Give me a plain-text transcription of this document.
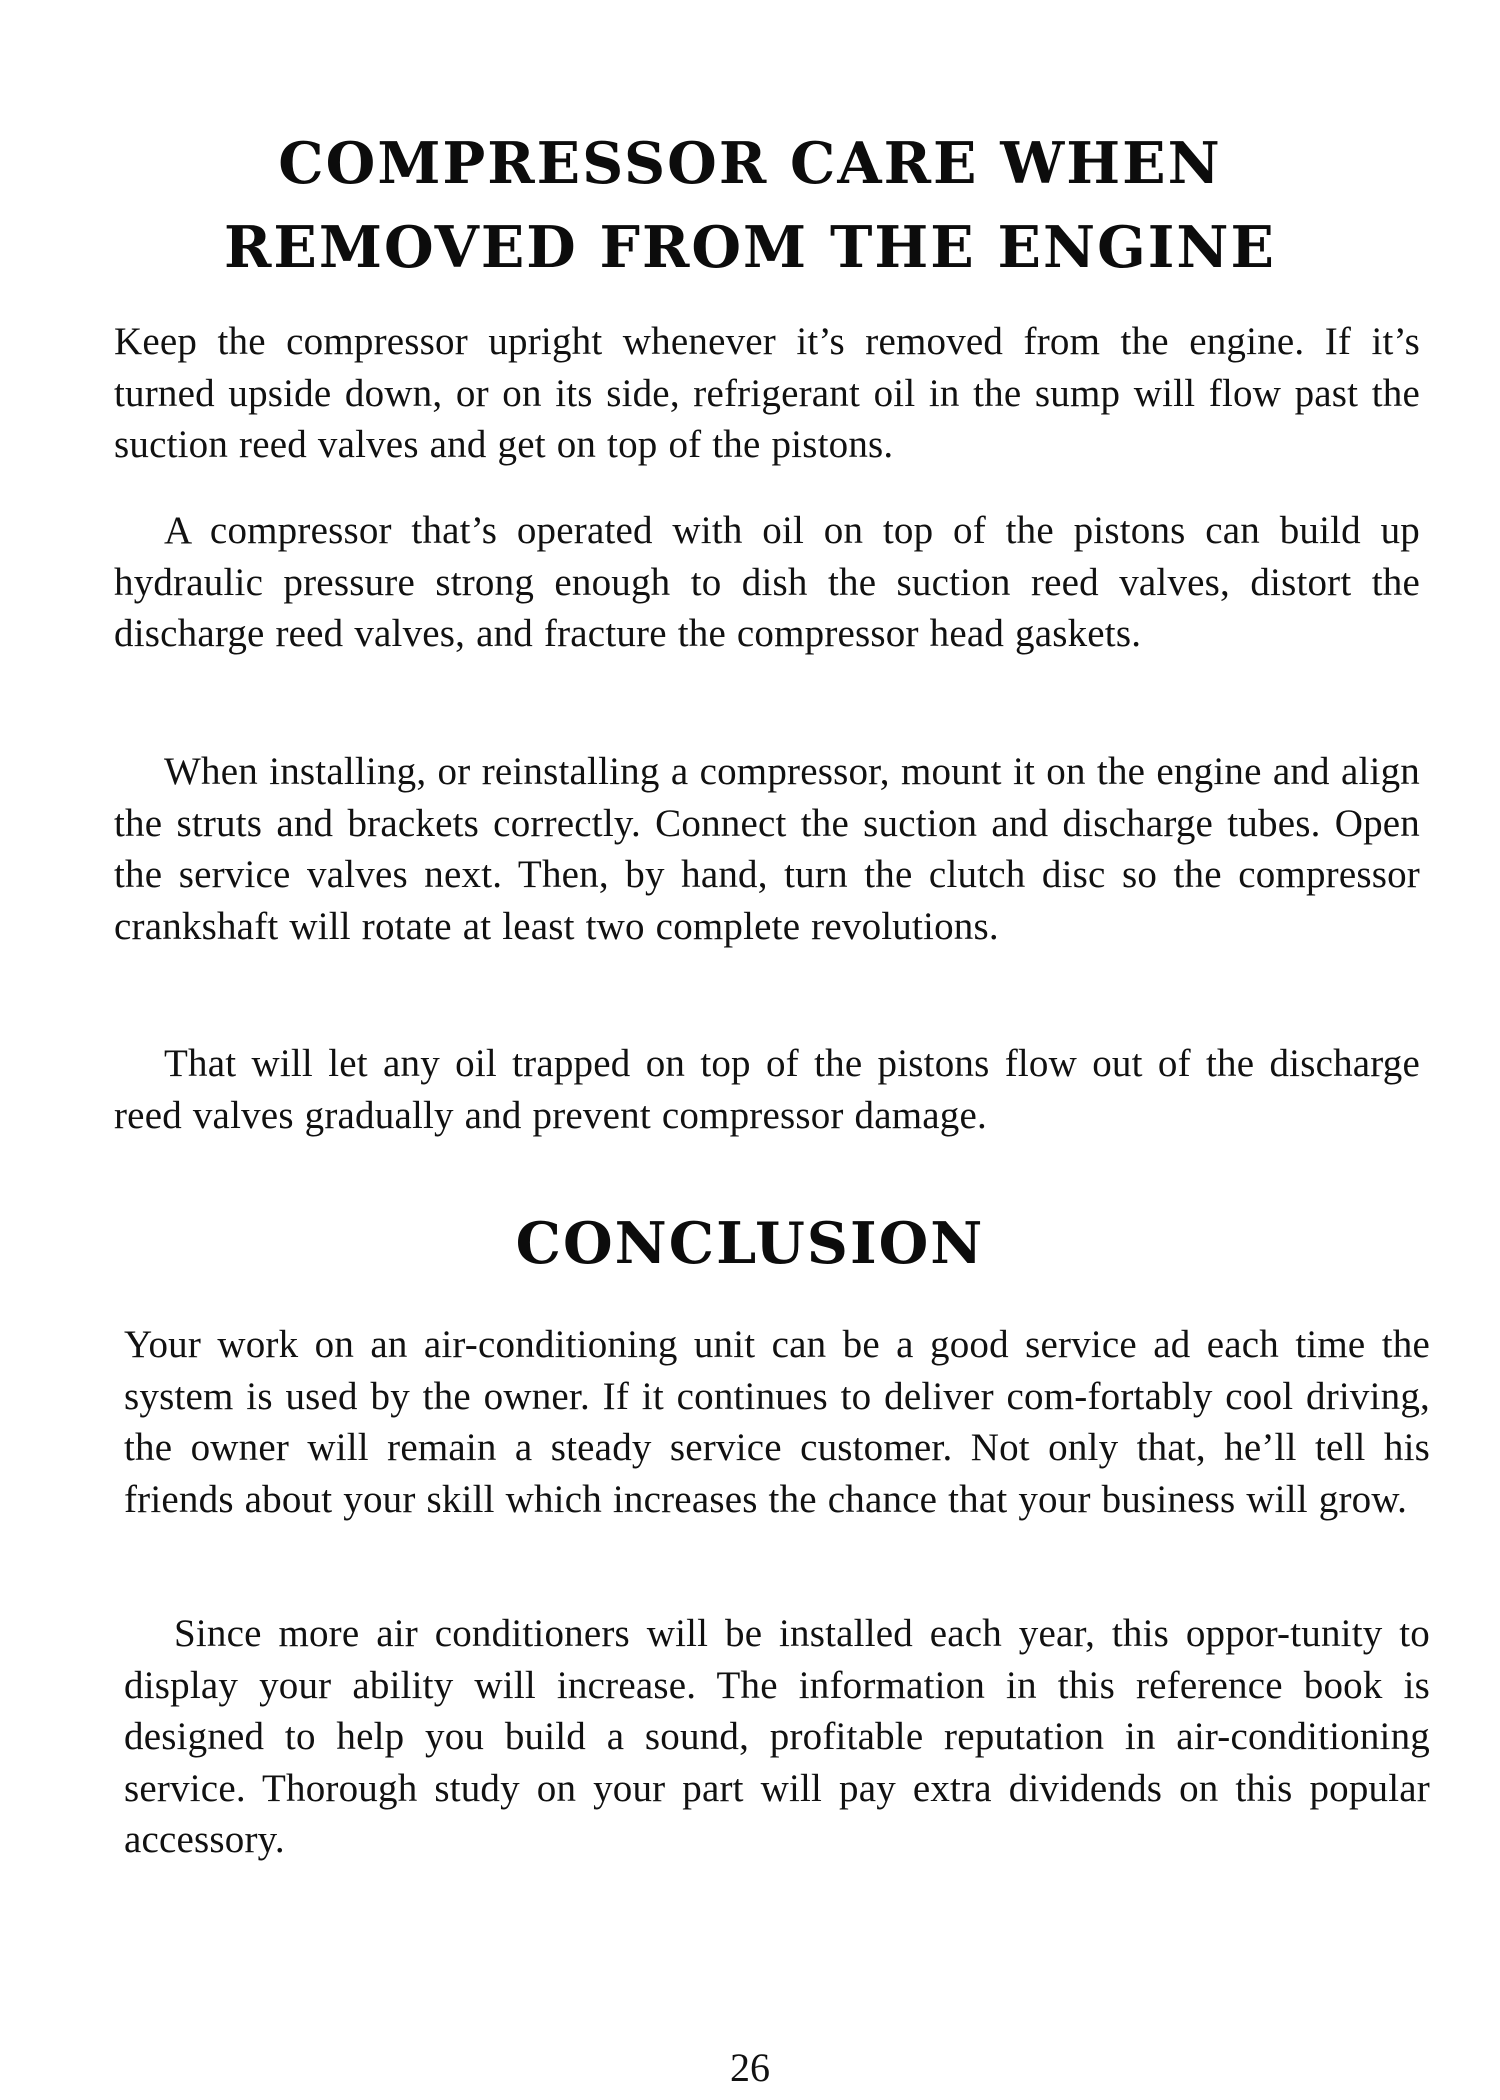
COMPRESSOR CARE WHEN
REMOVED FROM THE ENGINE

Keep the compressor upright whenever it’s removed from the engine. If it’s turned upside down, or on its side, refrigerant oil in the sump will flow past the suction reed valves and get on top of the pistons.

A compressor that’s operated with oil on top of the pistons can build up hydraulic pressure strong enough to dish the suction reed valves, distort the discharge reed valves, and fracture the compressor head gaskets.

When installing, or reinstalling a compressor, mount it on the engine and align the struts and brackets correctly. Connect the suction and discharge tubes. Open the service valves next. Then, by hand, turn the clutch disc so the compressor crankshaft will rotate at least two complete revolutions.

That will let any oil trapped on top of the pistons flow out of the discharge reed valves gradually and prevent compressor damage.

CONCLUSION

Your work on an air-conditioning unit can be a good service ad each time the system is used by the owner. If it continues to deliver com-fortably cool driving, the owner will remain a steady service customer. Not only that, he’ll tell his friends about your skill which increases the chance that your business will grow.

Since more air conditioners will be installed each year, this oppor-tunity to display your ability will increase. The information in this reference book is designed to help you build a sound, profitable reputation in air-conditioning service. Thorough study on your part will pay extra dividends on this popular accessory.

26
